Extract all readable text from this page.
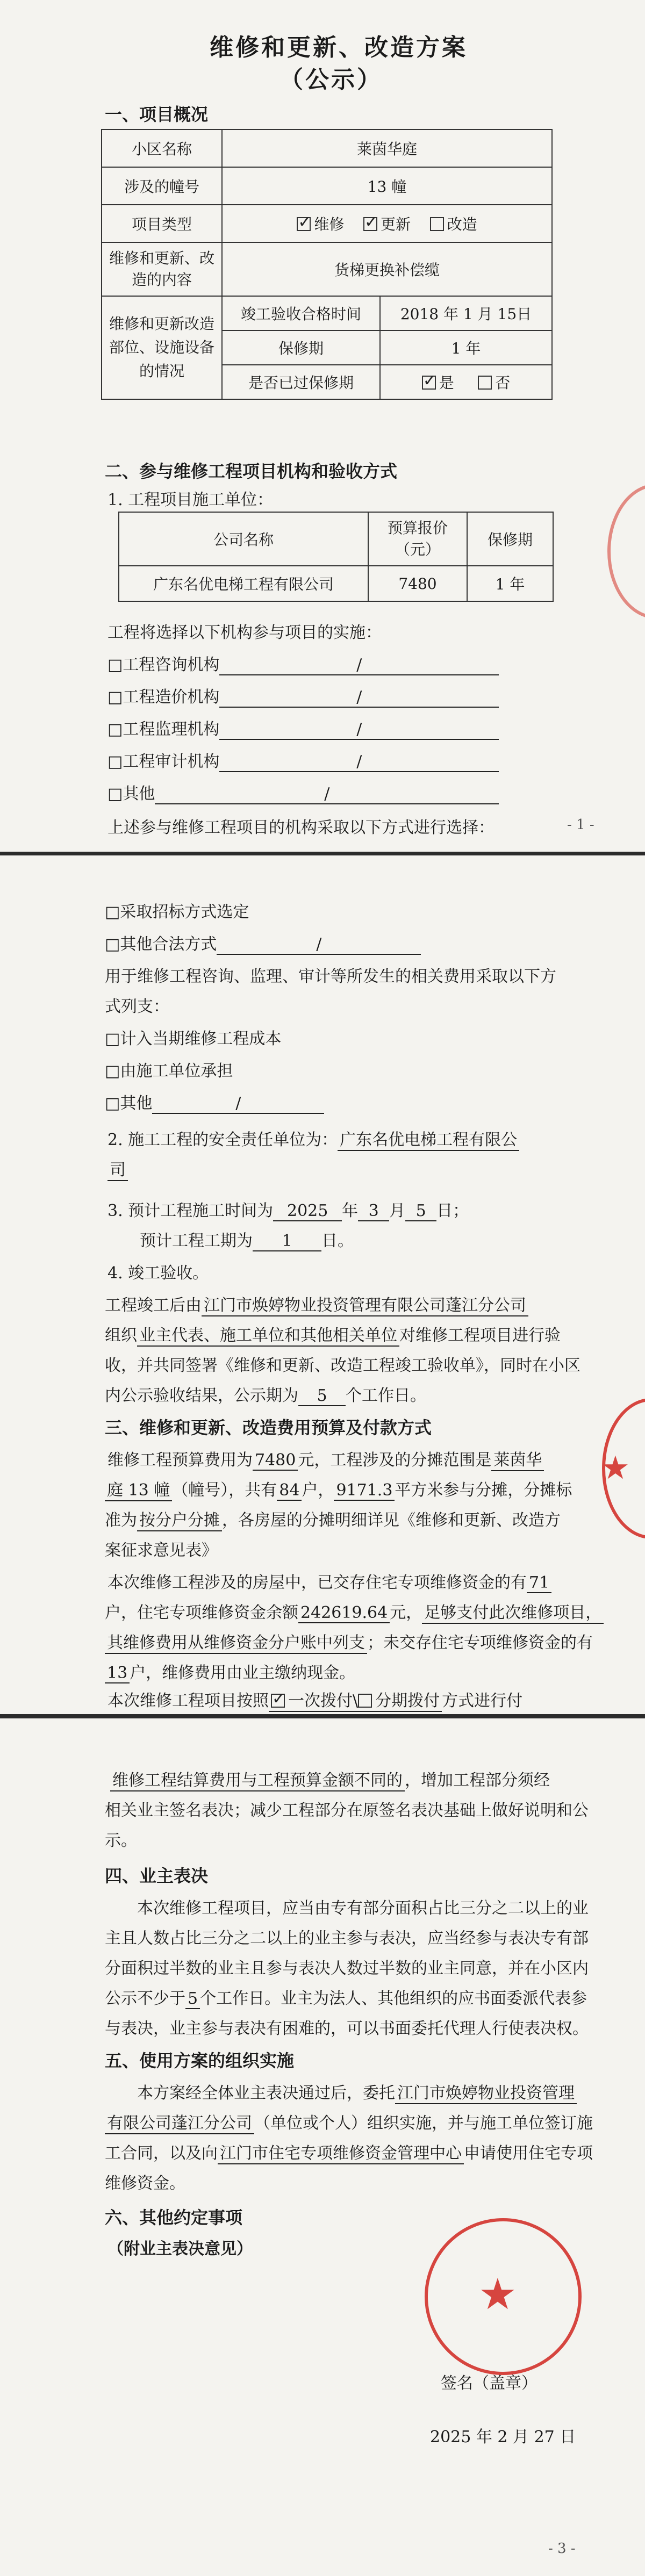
维修和更新、改造方案
（公示）
一、项目概况
小区名称	莱茵华庭	
涉及的幢号	13 幢	
项目类型	✓维修 ✓ 更新 改造
维修和更新、改造的内容	货梯更换补偿缆	
维修和更新改造部位、设施设备的情况	竣工验收合格时间	2018 年 1 月 15日
	保修期	1 年
	是否已过保修期	✓是 否
二、参与维修工程项目机构和验收方式
1. 工程项目施工单位：
公司名称	预算报价（元）	保修期
广东名优电梯工程有限公司	7480	1 年
工程将选择以下机构参与项目的实施：
□工程咨询机构	/
□工程造价机构	/
□工程监理机构	/
□工程审计机构	/
□其他	/
上述参与维修工程项目的机构采取以下方式进行选择：	- 1 -
□采取招标方式选定
□其他合法方式	/
用于维修工程咨询、监理、审计等所发生的相关费用采取以下方
式列支：
□计入当期维修工程成本
□由施工单位承担
□其他	/
2. 施工工程的安全责任单位为： 广东名优电梯工程有限公
司
3. 预计工程施工时间为 2025 年 3 月 5 日；
预计工程工期为 1 日。
4. 竣工验收。
工程竣工后由 江门市焕婷物业投资管理有限公司蓬江分公司
组织 业主代表、施工单位和其他相关单位 对维修工程项目进行验
收，并共同签署《维修和更新、改造工程竣工验收单》，同时在小区
内公示验收结果，公示期为 5 个工作日。
三、维修和更新、改造费用预算及付款方式
维修工程预算费用为 7480 元，工程涉及的分摊范围是 莱茵华
庭 13 幢 （幢号），共有 84 户， 9171.3 平方米参与分摊，分摊标
准为 按分户分摊 ，各房屋的分摊明细详见《维修和更新、改造方
案征求意见表》
本次维修工程涉及的房屋中，已交存住宅专项维修资金的有 71
户，住宅专项维修资金余额 242619.64 元， 足够支付此次维修项目，
其维修费用从维修资金分户账中列支 ；未交存住宅专项维修资金的有
13 户，维修费用由业主缴纳现金。
本次维修工程项目按照 ✓ 一次拨付\ 分期拨付 方式进行付
★
维修工程结算费用与工程预算金额不同的 ，增加工程部分须经
相关业主签名表决；减少工程部分在原签名表决基础上做好说明和公
示。
四、业主表决
本次维修工程项目，应当由专有部分面积占比三分之二以上的业
主且人数占比三分之二以上的业主参与表决，应当经参与表决专有部
分面积过半数的业主且参与表决人数过半数的业主同意，并在小区内
公示不少于 5 个工作日。业主为法人、其他组织的应书面委派代表参
与表决，业主参与表决有困难的，可以书面委托代理人行使表决权。
五、使用方案的组织实施
本方案经全体业主表决通过后，委托 江门市焕婷物业投资管理
有限公司蓬江分公司 （单位或个人）组织实施，并与施工单位签订施
工合同，以及向 江门市住宅专项维修资金管理中心 申请使用住宅专项
维修资金。
六、其他约定事项
（附业主表决意见）
★
签名（盖章）
2025 年 2 月 27 日
- 3 -
